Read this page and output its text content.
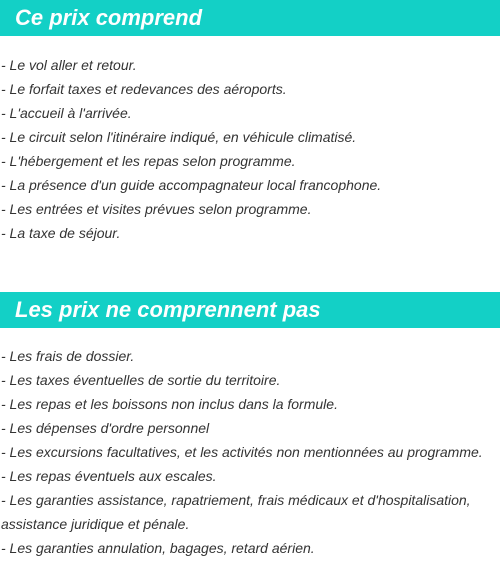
Ce prix comprend
- Le vol aller et retour.
- Le forfait taxes et redevances des aéroports.
- L'accueil à l'arrivée.
- Le circuit selon l'itinéraire indiqué, en véhicule climatisé.
- L'hébergement et les repas selon programme.
- La présence d'un guide accompagnateur local francophone.
- Les entrées et visites prévues selon programme.
- La taxe de séjour.
Les prix ne comprennent pas
- Les frais de dossier.
- Les taxes éventuelles de sortie du territoire.
- Les repas et les boissons non inclus dans la formule.
- Les dépenses d'ordre personnel
- Les excursions facultatives, et les activités non mentionnées au programme.
- Les repas éventuels aux escales.
- Les garanties assistance, rapatriement, frais médicaux et d'hospitalisation, assistance juridique et pénale.
- Les garanties annulation, bagages, retard aérien.
